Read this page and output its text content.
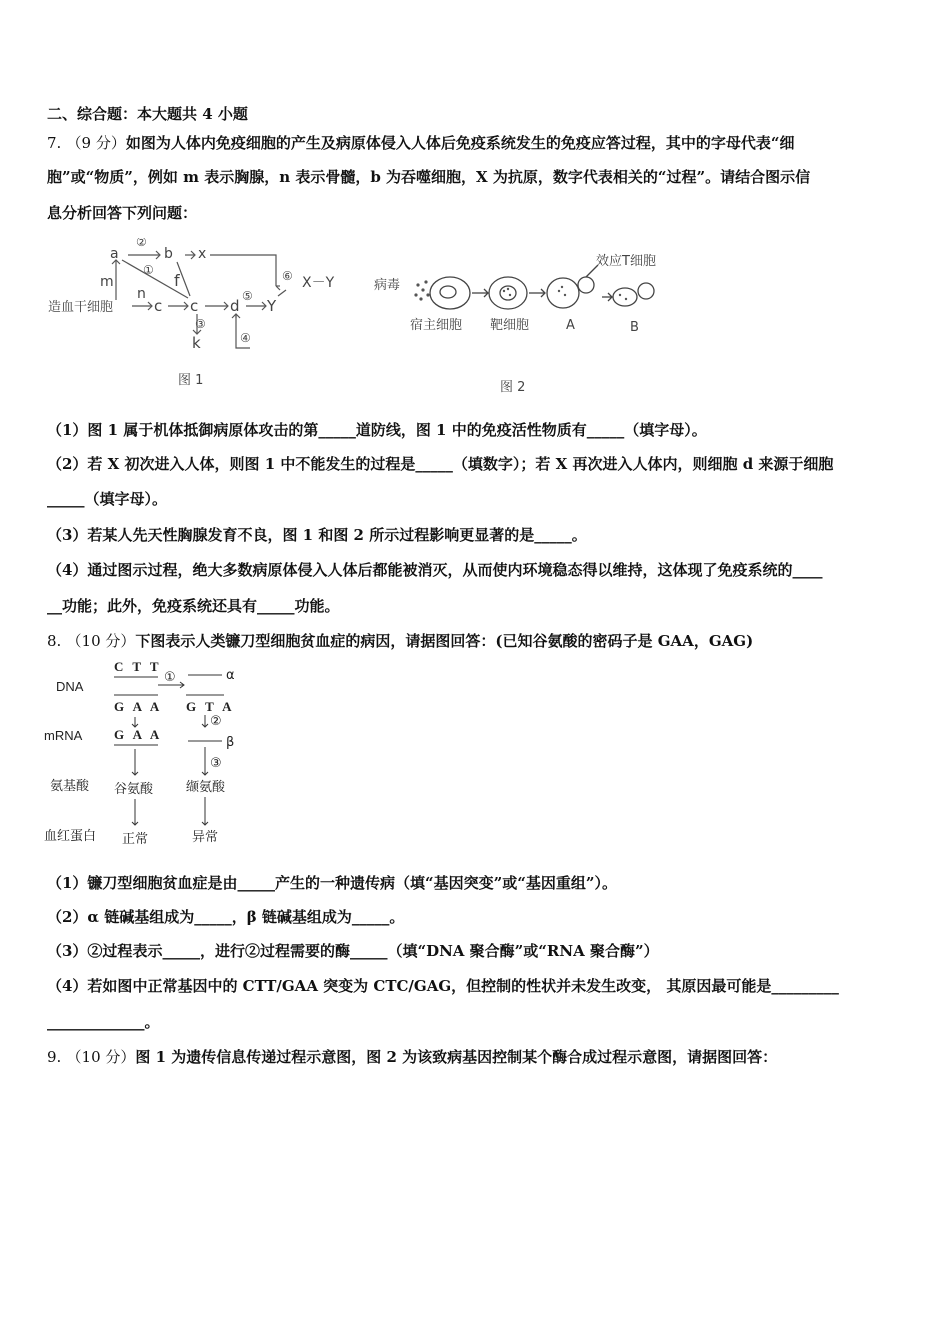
二、综合题：本大题共 4 小题
7. （9 分）如图为人体内免疫细胞的产生及病原体侵入人体后免疫系统发生的免疫应答过程，其中的字母代表“细
胞”或“物质”，例如 m 表示胸腺，n 表示骨髓，b 为吞噬细胞，X 为抗原，数字代表相关的“过程”。请结合图示信
息分析回答下列问题：
a	b x
m
n
f
c c d Y
X－Y
k
②
①
③
⑤
④
⑥
造血干细胞
图 1
病毒
效应T细胞
宿主细胞 靶细胞	A	B
图 2
（1）图 1 属于机体抵御病原体攻击的第_____道防线，图 1 中的免疫活性物质有_____（填字母）。
（2）若 X 初次进入人体，则图 1 中不能发生的过程是_____（填数字）；若 X 再次进入人体内，则细胞 d 来源于细胞
_____（填字母）。
（3）若某人先天性胸腺发育不良，图 1 和图 2 所示过程影响更显著的是_____。
（4）通过图示过程，绝大多数病原体侵入人体后都能被消灭，从而使内环境稳态得以维持，这体现了免疫系统的____
__功能；此外，免疫系统还具有_____功能。
8. （10 分）下图表示人类镰刀型细胞贫血症的病因，请据图回答：(已知谷氨酸的密码子是 GAA，GAG)
DNA
mRNA
氨基酸
血红蛋白
C T T
G A A
①	α
G T A
G A A
②
β
③
谷氨酸	缬氨酸
正常	异常
（1）镰刀型细胞贫血症是由_____产生的一种遗传病（填“基因突变”或“基因重组”）。
（2）α 链碱基组成为_____，β 链碱基组成为_____。
（3）②过程表示_____，进行②过程需要的酶_____（填“DNA 聚合酶”或“RNA 聚合酶”）
（4）若如图中正常基因中的 CTT/GAA 突变为 CTC/GAG，但控制的性状并未发生改变， 其原因最可能是_________
_____________。
9. （10 分）图 1 为遗传信息传递过程示意图，图 2 为该致病基因控制某个酶合成过程示意图，请据图回答：
